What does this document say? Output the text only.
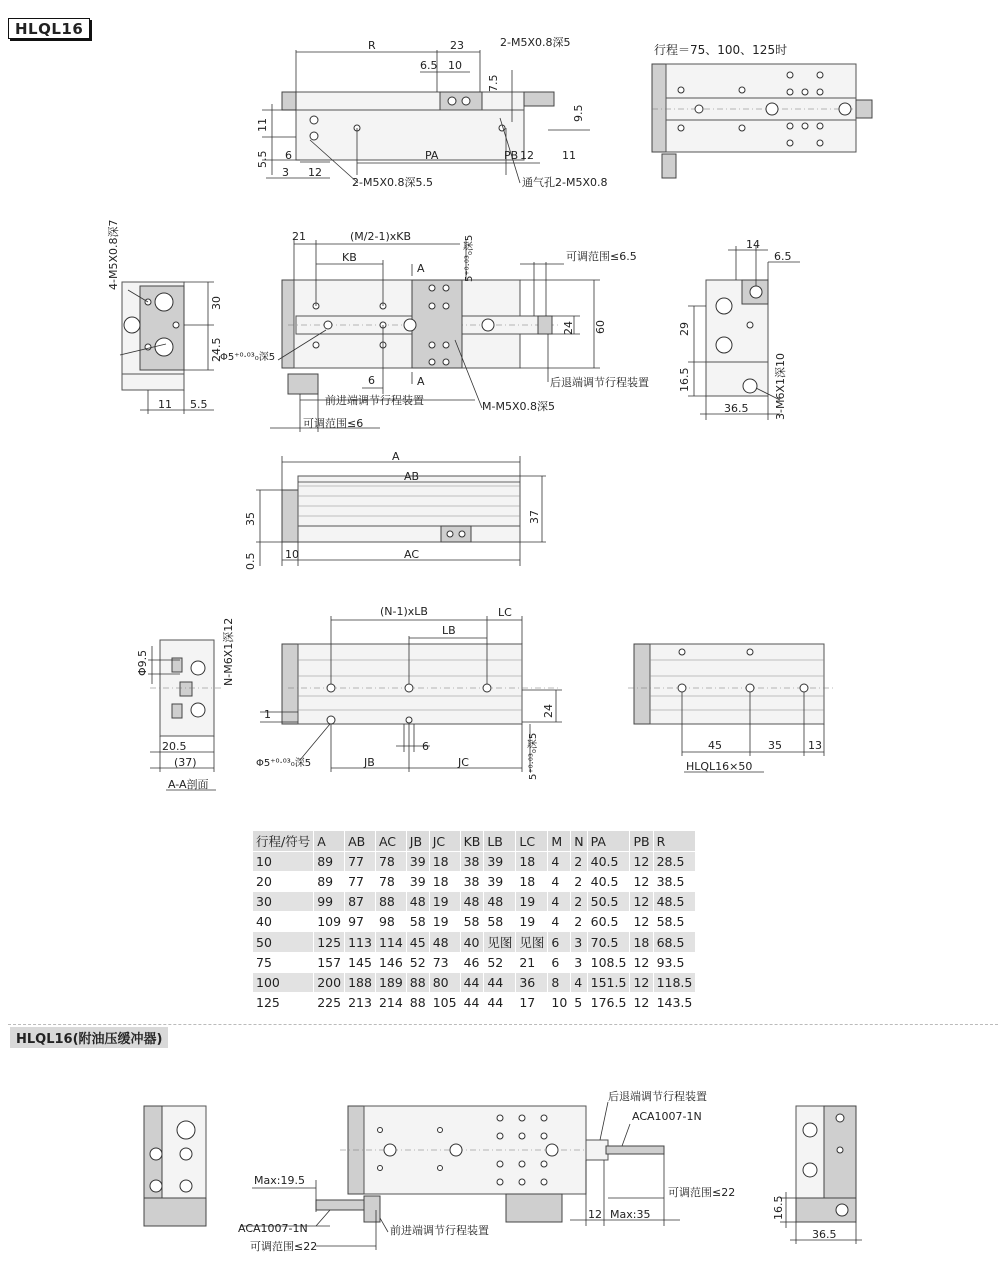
HLQL16
R	23	2-M5X0.8深5
6.5 10
7.5
11
9.5
5.5 6	PA	PB 12	11
3 12
2-M5X0.8深5.5	通气孔2-M5X0.8
行程＝75、100、125时
4-M5X0.8深7
30
24.5
11 5.5
21	(M/2-1)xKB
KB
A
A
5⁺⁰·⁰³₀深5	可调范围≤6.5
24 60
后退端调节行程装置
前进端调节行程装置	M-M5X0.8深5
6
可调范围≤6
Φ5⁺⁰·⁰³₀深5
14
6.5
29
16.5
36.5 3-M6X1深10
A
AB
AC
35	37
0.5	10
Φ9.5	N-M6X1深12
20.5
(37)
A-A剖面
(N-1)xLB
LB
LC
24
1
6
JB	JC	5⁺⁰·⁰³₀深5
Φ5⁺⁰·⁰³₀深5
45	35 13
HLQL16×50
后退端调节行程装置
ACA1007-1N
Max:19.5
ACA1007-1N	前进端调节行程装置
可调范围≤22
12 Max:35
可调范围≤22
16.5
36.5
行程/符号	A	AB	AC	JB	JC	KB	LB	LC	M	N	PA	PB	R
10	89	77	78	39	18	38	39	18	4	2	40.5	12	28.5
20	89	77	78	39	18	38	39	18	4	2	40.5	12	38.5
30	99	87	88	48	19	48	48	19	4	2	50.5	12	48.5
40	109	97	98	58	19	58	58	19	4	2	60.5	12	58.5
50	125	113	114	45	48	40	见图	见图	6	3	70.5	18	68.5
75	157	145	146	52	73	46	52	21	6	3	108.5	12	93.5
100	200	188	189	88	80	44	44	36	8	4	151.5	12	118.5
125	225	213	214	88	105	44	44	17	10	5	176.5	12	143.5
HLQL16(附油压缓冲器)
